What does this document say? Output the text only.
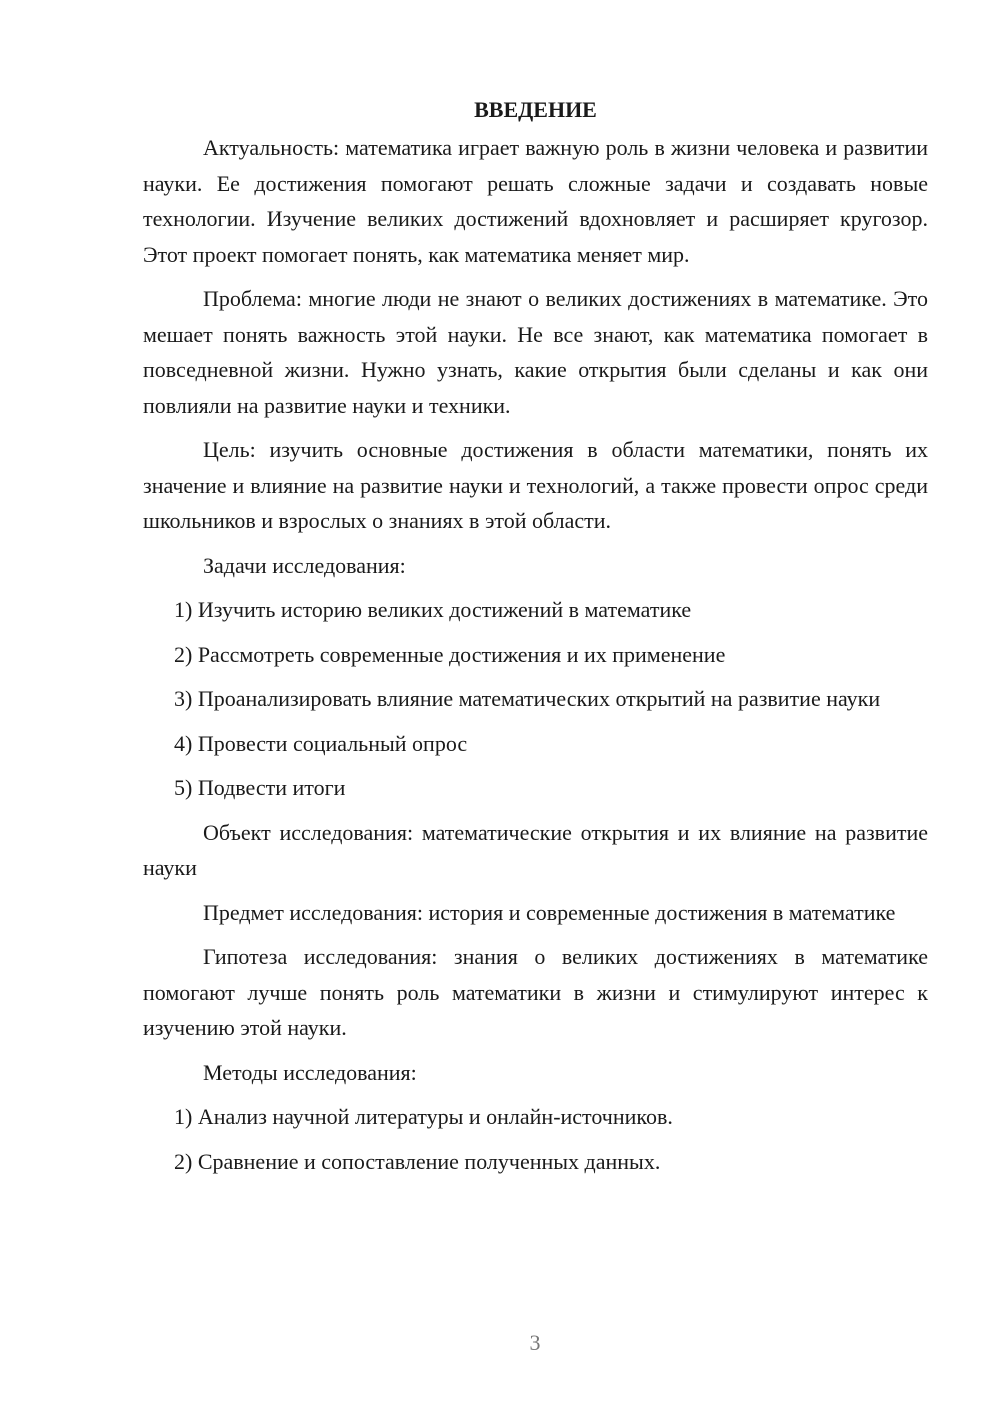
ВВЕДЕНИЕ
Актуальность: математика играет важную роль в жизни человека и развитии науки. Ее достижения помогают решать сложные задачи и создавать новые технологии. Изучение великих достижений вдохновляет и расширяет кругозор. Этот проект помогает понять, как математика меняет мир.
Проблема: многие люди не знают о великих достижениях в математике. Это мешает понять важность этой науки. Не все знают, как математика помогает в повседневной жизни. Нужно узнать, какие открытия были сделаны и как они повлияли на развитие науки и техники.
Цель: изучить основные достижения в области математики, понять их значение и влияние на развитие науки и технологий, а также провести опрос среди школьников и взрослых о знаниях в этой области.
Задачи исследования:
1) Изучить историю великих достижений в математике
2) Рассмотреть современные достижения и их применение
3) Проанализировать влияние математических открытий на развитие науки
4) Провести социальный опрос
5) Подвести итоги
Объект исследования: математические открытия и их влияние на развитие науки
Предмет исследования: история и современные достижения в математике
Гипотеза исследования: знания о великих достижениях в математике помогают лучше понять роль математики в жизни и стимулируют интерес к изучению этой науки.
Методы исследования:
1) Анализ научной литературы и онлайн-источников.
2) Сравнение и сопоставление полученных данных.
3
